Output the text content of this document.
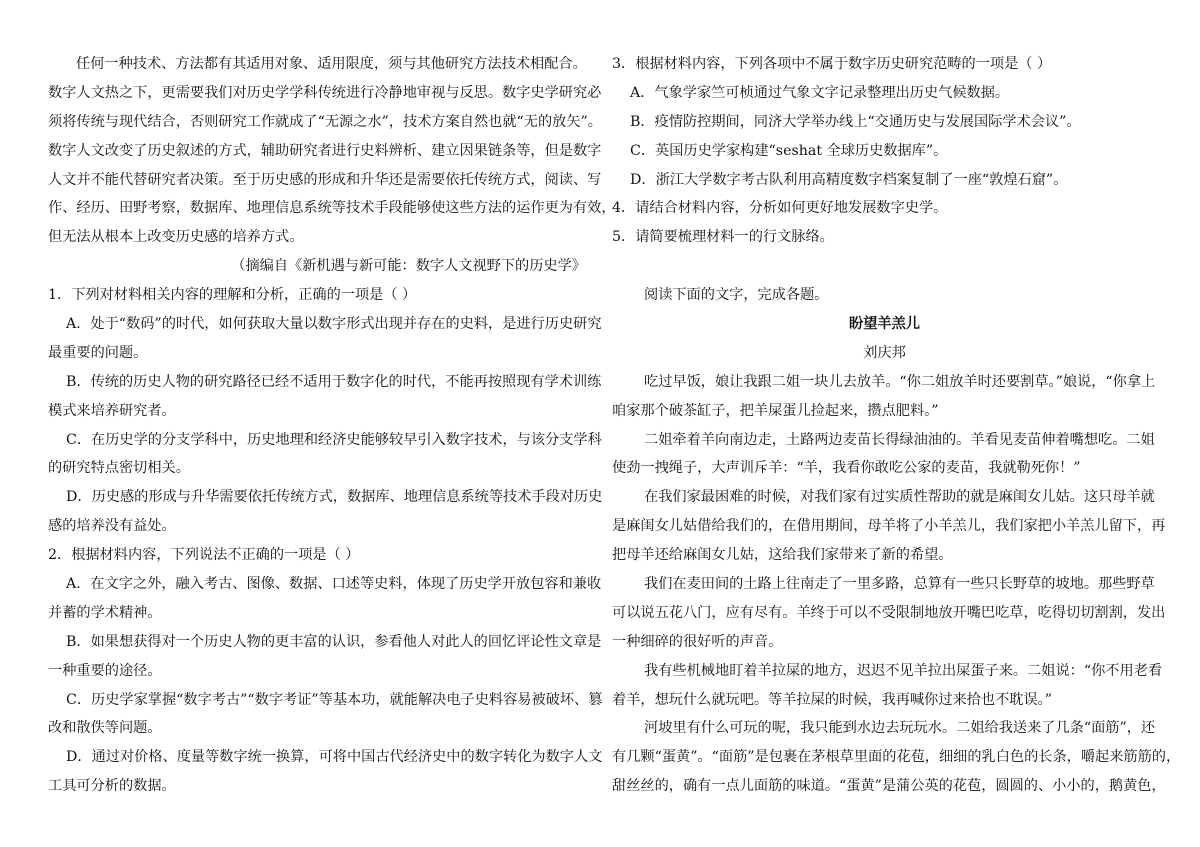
任何一种技术、方法都有其适用对象、适用限度，须与其他研究方法技术相配合。
数字人文热之下，更需要我们对历史学学科传统进行冷静地审视与反思。数字史学研究必
须将传统与现代结合，否则研究工作就成了“无源之水”，技术方案自然也就“无的放矢”。
数字人文改变了历史叙述的方式，辅助研究者进行史料辨析、建立因果链条等，但是数字
人文并不能代替研究者决策。至于历史感的形成和升华还是需要依托传统方式，阅读、写
作、经历、田野考察，数据库、地理信息系统等技术手段能够使这些方法的运作更为有效，
但无法从根本上改变历史感的培养方式。
（摘编自《新机遇与新可能：数字人文视野下的历史学》
1．下列对材料相关内容的理解和分析，正确的一项是（ ）
A．处于“数码”的时代，如何获取大量以数字形式出现并存在的史料，是进行历史研究
最重要的问题。
B．传统的历史人物的研究路径已经不适用于数字化的时代，不能再按照现有学术训练
模式来培养研究者。
C．在历史学的分支学科中，历史地理和经济史能够较早引入数字技术，与该分支学科
的研究特点密切相关。
D．历史感的形成与升华需要依托传统方式，数据库、地理信息系统等技术手段对历史
感的培养没有益处。
2．根据材料内容，下列说法不正确的一项是（ ）
A．在文字之外，融入考古、图像、数据、口述等史料，体现了历史学开放包容和兼收
并蓄的学术精神。
B．如果想获得对一个历史人物的更丰富的认识，参看他人对此人的回忆评论性文章是
一种重要的途径。
C．历史学家掌握“数字考古”“数字考证”等基本功，就能解决电子史料容易被破坏、篡
改和散佚等问题。
D．通过对价格、度量等数字统一换算，可将中国古代经济史中的数字转化为数字人文
工具可分析的数据。
3．根据材料内容，下列各项中不属于数字历史研究范畴的一项是（ ）
A．气象学家竺可桢通过气象文字记录整理出历史气候数据。
B．疫情防控期间，同济大学举办线上“交通历史与发展国际学术会议”。
C．英国历史学家构建“seshat 全球历史数据库”。
D．浙江大学数字考古队利用高精度数字档案复制了一座“敦煌石窟”。
4．请结合材料内容，分析如何更好地发展数字史学。
5．请简要梳理材料一的行文脉络。
阅读下面的文字，完成各题。
盼望羊羔儿
刘庆邦
吃过早饭，娘让我跟二姐一块儿去放羊。“你二姐放羊时还要割草。”娘说，“你拿上
咱家那个破茶缸子，把羊屎蛋儿捡起来，攒点肥料。”
二姐牵着羊向南边走，土路两边麦苗长得绿油油的。羊看见麦苗伸着嘴想吃。二姐
使劲一拽绳子，大声训斥羊：“羊，我看你敢吃公家的麦苗，我就勒死你！”
在我们家最困难的时候，对我们家有过实质性帮助的就是麻闺女儿姑。这只母羊就
是麻闺女儿姑借给我们的，在借用期间，母羊将了小羊羔儿，我们家把小羊羔儿留下，再
把母羊还给麻闺女儿姑，这给我们家带来了新的希望。
我们在麦田间的土路上往南走了一里多路，总算有一些只长野草的坡地。那些野草
可以说五花八门，应有尽有。羊终于可以不受限制地放开嘴巴吃草，吃得切切割割，发出
一种细碎的很好听的声音。
我有些机械地盯着羊拉屎的地方，迟迟不见羊拉出屎蛋子来。二姐说：“你不用老看
着羊，想玩什么就玩吧。等羊拉屎的时候，我再喊你过来拾也不耽误。”
河坡里有什么可玩的呢，我只能到水边去玩玩水。二姐给我送来了几条“面筋”，还
有几颗“蛋黄”。“面筋”是包裹在茅根草里面的花苞，细细的乳白色的长条，嚼起来筋筋的，
甜丝丝的，确有一点儿面筋的味道。“蛋黄”是蒲公英的花苞，圆圆的、小小的，鹅黄色，
